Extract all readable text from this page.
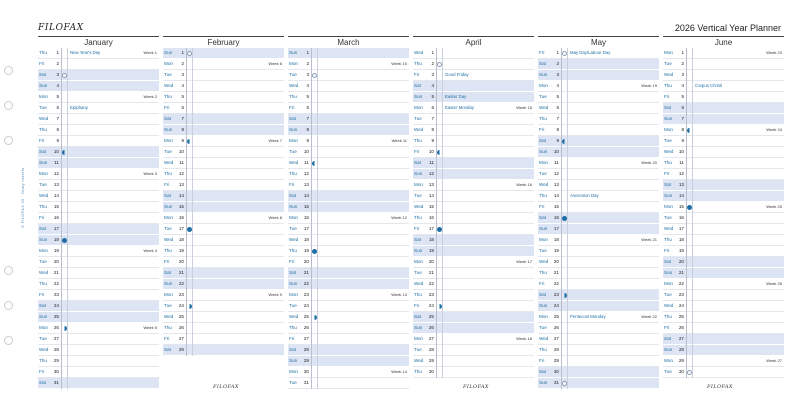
© FILOFAX 26 · Diary Inserts
FILOFAX	2026 Vertical Year Planner
January
Thu	1	New Year's Day	Week 1
Fri	2
Sat	3
Sun	4
Mon	5	Week 2
Tue	6	Epiphany
Wed	7
Thu	8
Fri	9
Sat	10
Sun	11
Mon	12	Week 3
Tue	13
Wed	14
Thu	15
Fri	16
Sat	17
Sun	18
Mon	19	Week 4
Tue	20
Wed	21
Thu	22
Fri	23
Sat	24
Sun	25
Mon	26	Week 5
Tue	27
Wed	28
Thu	29
Fri	30
Sat	31
February
Sun	1
Mon	2	Week 6
Tue	3
Wed	4
Thu	5
Fri	6
Sat	7
Sun	8
Mon	9	Week 7
Tue	10
Wed	11
Thu	12
Fri	13
Sat	14
Sun	15
Mon	16	Week 8
Tue	17
Wed	18
Thu	19
Fri	20
Sat	21
Sun	22
Mon	23	Week 9
Tue	24
Wed	25
Thu	26
Fri	27
Sat	28
March
Sun	1
Mon	2	Week 10
Tue	3
Wed	4
Thu	5
Fri	6
Sat	7
Sun	8
Mon	9	Week 11
Tue	10
Wed	11
Thu	12
Fri	13
Sat	14
Sun	15
Mon	16	Week 12
Tue	17
Wed	18
Thu	19
Fri	20
Sat	21
Sun	22
Mon	23	Week 13
Tue	24
Wed	25
Thu	26
Fri	27
Sat	28
Sun	29
Mon	30	Week 14
Tue	31
April
Wed	1
Thu	2
Fri	3	Good Friday
Sat	4
Sun	5	Easter Day
Mon	6	Easter Monday	Week 15
Tue	7
Wed	8
Thu	9
Fri	10
Sat	11
Sun	12
Mon	13	Week 16
Tue	14
Wed	15
Thu	16
Fri	17
Sat	18
Sun	19
Mon	20	Week 17
Tue	21
Wed	22
Thu	23
Fri	24
Sat	25
Sun	26
Mon	27	Week 18
Tue	28
Wed	29
Thu	30
May
Fri	1	May Day/Labour Day
Sat	2
Sun	3
Mon	4	Week 19
Tue	5
Wed	6
Thu	7
Fri	8
Sat	9
Sun	10
Mon	11	Week 20
Tue	12
Wed	13
Thu	14	Ascension Day
Fri	15
Sat	16
Sun	17
Mon	18	Week 21
Tue	19
Wed	20
Thu	21
Fri	22
Sat	23
Sun	24
Mon	25	Pentecost Monday	Week 22
Tue	26
Wed	27
Thu	28
Fri	29
Sat	30
Sun	31
June
Mon	1	Week 23
Tue	2
Wed	3
Thu	4	Corpus Christi
Fri	5
Sat	6
Sun	7
Mon	8	Week 24
Tue	9
Wed	10
Thu	11
Fri	12
Sat	13
Sun	14
Mon	15	Week 25
Tue	16
Wed	17
Thu	18
Fri	19
Sat	20
Sun	21
Mon	22	Week 26
Tue	23
Wed	24
Thu	25
Fri	26
Sat	27
Sun	28
Mon	29	Week 27
Tue	30
FILOFAX	FILOFAX	FILOFAX
